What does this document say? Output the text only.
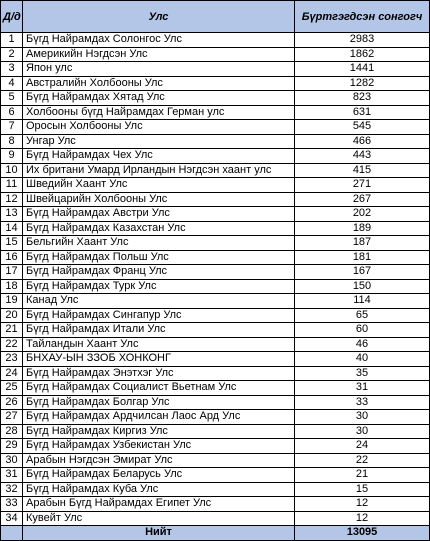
Д/д	Улс	Бүртгэгдсэн сонгогч
1	Бүгд Найрамдах Солонгос Улс	2983
2	Америкийн Нэгдсэн Улс	1862
3	Япон улс	1441
4	Австралийн Холбооны Улс	1282
5	Бүгд Найрамдах Хятад Улс	823
6	Холбооны бүгд Найрамдах Герман улс	631
7	Оросын Холбооны Улс	545
8	Унгар Улс	466
9	Бүгд Найрамдах Чех Улс	443
10	Их британи Умард Ирландын Нэгдсэн хаант улс	415
11	Шведийн Хаант Улс	271
12	Швейцарийн Холбооны Улс	267
13	Бүгд Найрамдах Австри Улс	202
14	Бүгд Найрамдах Казахстан Улс	189
15	Бельгийн Хаант Улс	187
16	Бүгд Найрамдах Польш Улс	181
17	Бүгд Найрамдах Франц Улс	167
18	Бүгд Найрамдах Турк Улс	150
19	Канад Улс	114
20	Бүгд Найрамдах Сингапур Улс	65
21	Бүгд Найрамдах Итали Улс	60
22	Тайландын Хаант Улс	46
23	БНХАУ-ЫН ЗЗОБ ХОНКОНГ	40
24	Бүгд Найрамдах Энэтхэг Улс	35
25	Бүгд Найрамдах Социалист Вьетнам Улс	31
26	Бүгд Найрамдах Болгар Улс	33
27	Бүгд Найрамдах Ардчилсан Лаос Ард Улс	30
28	Бүгд Найрамдах Киргиз Улс	30
29	Бүгд Найрамдах Узбекистан Улс	24
30	Арабын Нэгдсэн Эмират Улс	22
31	Бүгд Найрамдах Беларусь Улс	21
32	Бүгд Найрамдах Куба Улс	15
33	Арабын Бүгд Найрамдах Египет Улс	12
34	Кувейт Улс	12
	Нийт	13095
